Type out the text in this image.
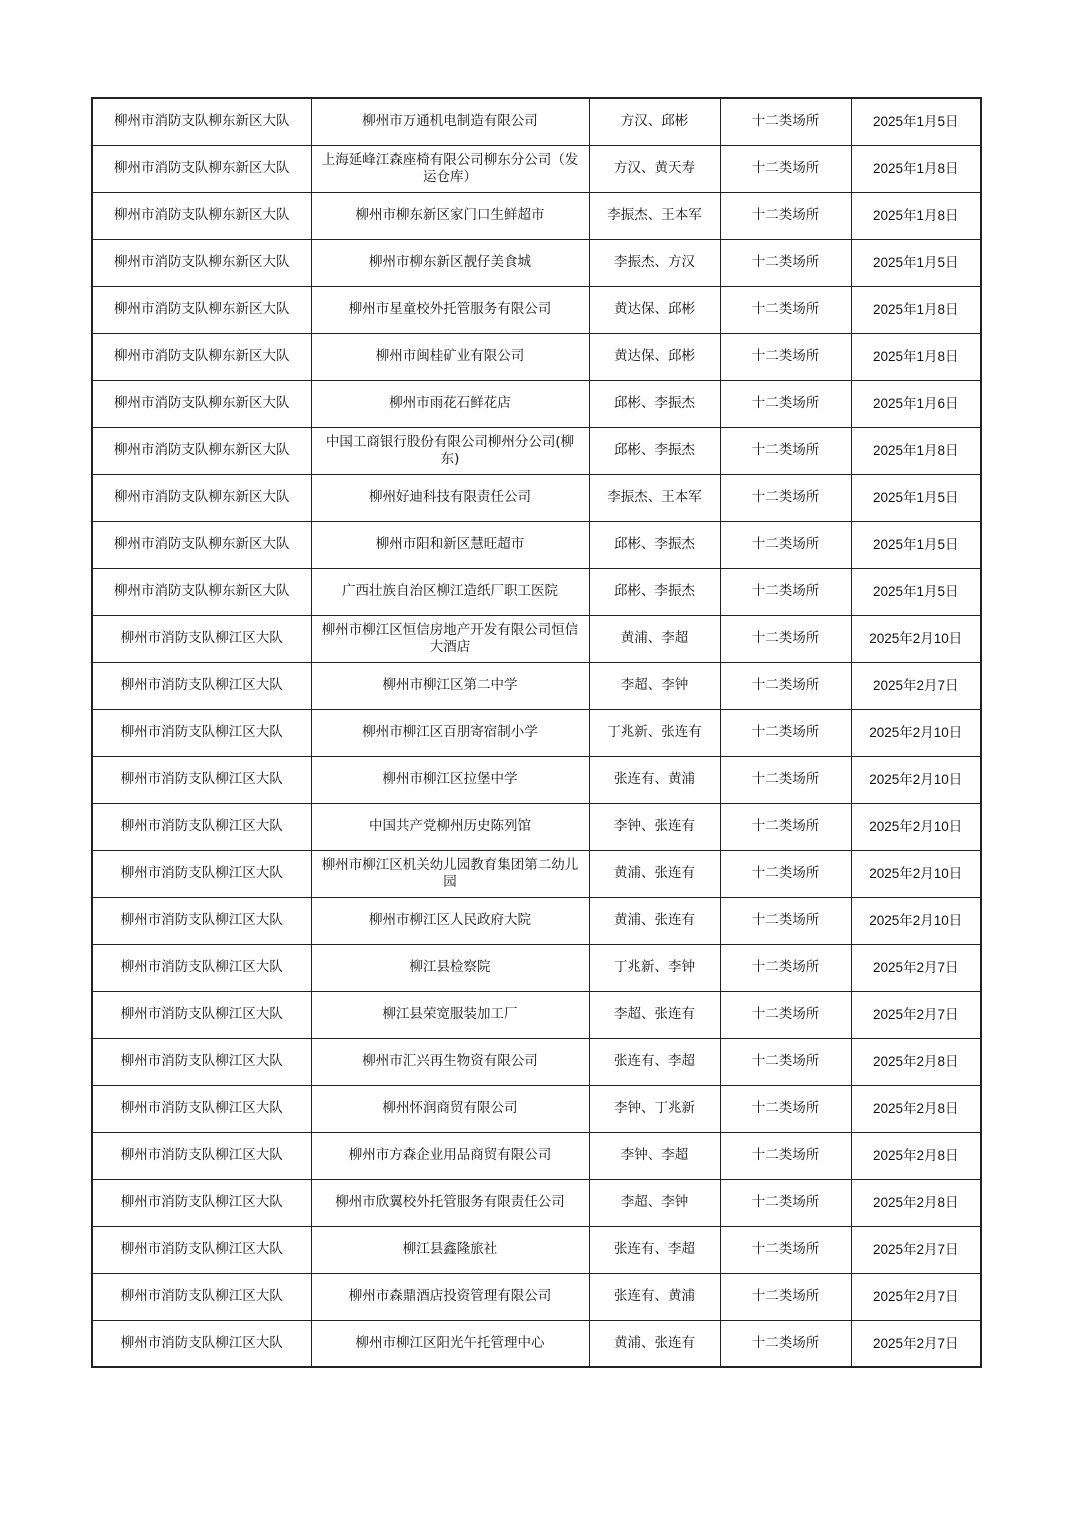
柳州市消防支队柳东新区大队	柳州市万通机电制造有限公司	方汉、邱彬	十二类场所	2025年1月5日
柳州市消防支队柳东新区大队	上海延峰江森座椅有限公司柳东分公司（发运仓库）	方汉、黄天寿	十二类场所	2025年1月8日
柳州市消防支队柳东新区大队	柳州市柳东新区家门口生鲜超市	李振杰、王本军	十二类场所	2025年1月8日
柳州市消防支队柳东新区大队	柳州市柳东新区靓仔美食城	李振杰、方汉	十二类场所	2025年1月5日
柳州市消防支队柳东新区大队	柳州市星童校外托管服务有限公司	黄达保、邱彬	十二类场所	2025年1月8日
柳州市消防支队柳东新区大队	柳州市闽桂矿业有限公司	黄达保、邱彬	十二类场所	2025年1月8日
柳州市消防支队柳东新区大队	柳州市雨花石鲜花店	邱彬、李振杰	十二类场所	2025年1月6日
柳州市消防支队柳东新区大队	中国工商银行股份有限公司柳州分公司(柳东)	邱彬、李振杰	十二类场所	2025年1月8日
柳州市消防支队柳东新区大队	柳州好迪科技有限责任公司	李振杰、王本军	十二类场所	2025年1月5日
柳州市消防支队柳东新区大队	柳州市阳和新区慧旺超市	邱彬、李振杰	十二类场所	2025年1月5日
柳州市消防支队柳东新区大队	广西壮族自治区柳江造纸厂职工医院	邱彬、李振杰	十二类场所	2025年1月5日
柳州市消防支队柳江区大队	柳州市柳江区恒信房地产开发有限公司恒信大酒店	黄浦、李超	十二类场所	2025年2月10日
柳州市消防支队柳江区大队	柳州市柳江区第二中学	李超、李钟	十二类场所	2025年2月7日
柳州市消防支队柳江区大队	柳州市柳江区百朋寄宿制小学	丁兆新、张连有	十二类场所	2025年2月10日
柳州市消防支队柳江区大队	柳州市柳江区拉堡中学	张连有、黄浦	十二类场所	2025年2月10日
柳州市消防支队柳江区大队	中国共产党柳州历史陈列馆	李钟、张连有	十二类场所	2025年2月10日
柳州市消防支队柳江区大队	柳州市柳江区机关幼儿园教育集团第二幼儿园	黄浦、张连有	十二类场所	2025年2月10日
柳州市消防支队柳江区大队	柳州市柳江区人民政府大院	黄浦、张连有	十二类场所	2025年2月10日
柳州市消防支队柳江区大队	柳江县检察院	丁兆新、李钟	十二类场所	2025年2月7日
柳州市消防支队柳江区大队	柳江县荣宽服装加工厂	李超、张连有	十二类场所	2025年2月7日
柳州市消防支队柳江区大队	柳州市汇兴再生物资有限公司	张连有、李超	十二类场所	2025年2月8日
柳州市消防支队柳江区大队	柳州怀润商贸有限公司	李钟、丁兆新	十二类场所	2025年2月8日
柳州市消防支队柳江区大队	柳州市方森企业用品商贸有限公司	李钟、李超	十二类场所	2025年2月8日
柳州市消防支队柳江区大队	柳州市欣翼校外托管服务有限责任公司	李超、李钟	十二类场所	2025年2月8日
柳州市消防支队柳江区大队	柳江县鑫隆旅社	张连有、李超	十二类场所	2025年2月7日
柳州市消防支队柳江区大队	柳州市森鼎酒店投资管理有限公司	张连有、黄浦	十二类场所	2025年2月7日
柳州市消防支队柳江区大队	柳州市柳江区阳光午托管理中心	黄浦、张连有	十二类场所	2025年2月7日
